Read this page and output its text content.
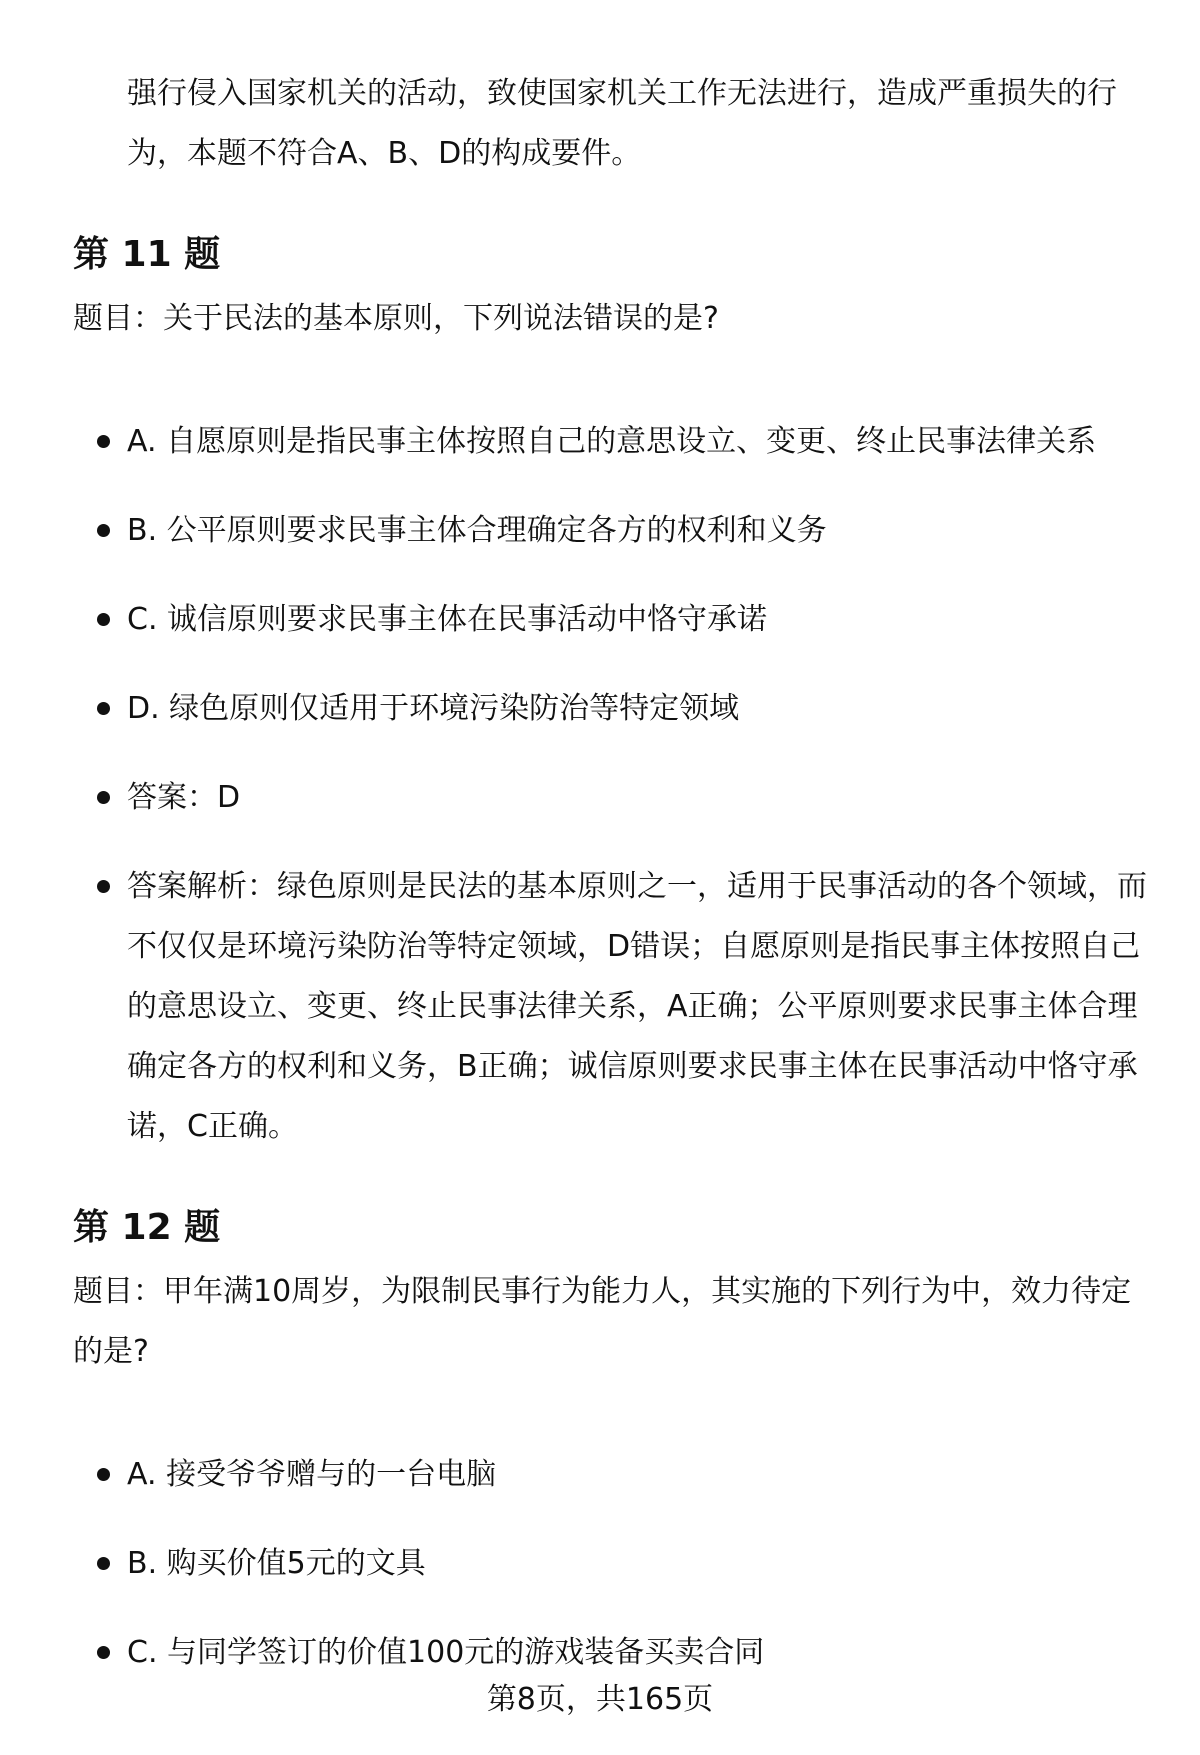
强行侵入国家机关的活动，致使国家机关工作无法进行，造成严重损失的行为，本题不符合A、B、D的构成要件。

第 11 题

题目：关于民法的基本原则，下列说法错误的是?

A. 自愿原则是指民事主体按照自己的意思设立、变更、终止民事法律关系

B. 公平原则要求民事主体合理确定各方的权利和义务

C. 诚信原则要求民事主体在民事活动中恪守承诺

D. 绿色原则仅适用于环境污染防治等特定领域

答案：D

答案解析：绿色原则是民法的基本原则之一，适用于民事活动的各个领域，而不仅仅是环境污染防治等特定领域，D错误；自愿原则是指民事主体按照自己的意思设立、变更、终止民事法律关系，A正确；公平原则要求民事主体合理确定各方的权利和义务，B正确；诚信原则要求民事主体在民事活动中恪守承诺，C正确。

第 12 题

题目：甲年满10周岁，为限制民事行为能力人，其实施的下列行为中，效力待定的是?

A. 接受爷爷赠与的一台电脑

B. 购买价值5元的文具

C. 与同学签订的价值100元的游戏装备买卖合同

第8页，共165页
